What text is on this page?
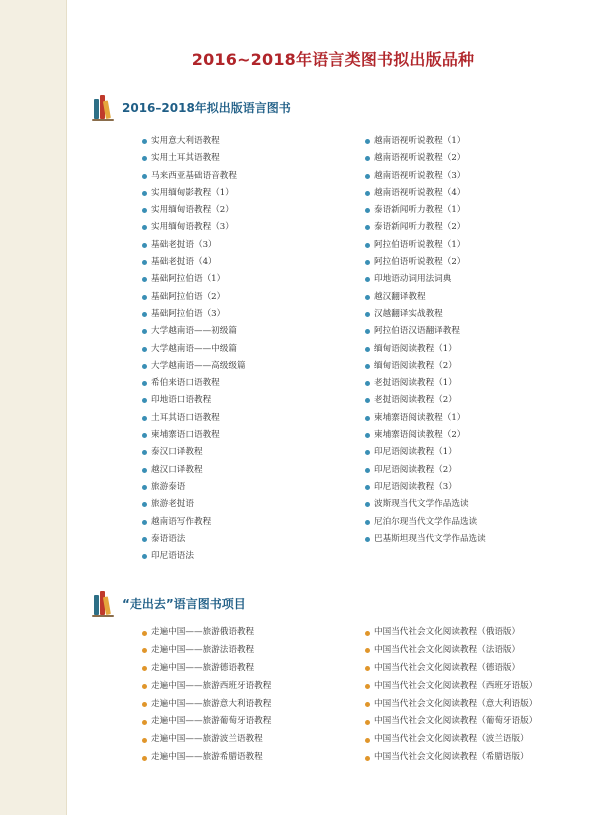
2016~2018年语言类图书拟出版品种
2016–2018年拟出版语言图书
实用意大利语教程
实用土耳其语教程
马来西亚基础语音教程
实用缅甸影教程（1）
实用缅甸语教程（2）
实用缅甸语教程（3）
基础老挝语（3）
基础老挝语（4）
基础阿拉伯语（1）
基础阿拉伯语（2）
基础阿拉伯语（3）
大学越南语——初级篇
大学越南语——中级篇
大学越南语——高级级篇
希伯来语口语教程
印地语口语教程
土耳其语口语教程
柬埔寨语口语教程
泰汉口译教程
越汉口译教程
旅游泰语
旅游老挝语
越南语写作教程
泰语语法
印尼语语法
越南语视听说教程（1）
越南语视听说教程（2）
越南语视听说教程（3）
越南语视听说教程（4）
泰语新闻听力教程（1）
泰语新闻听力教程（2）
阿拉伯语听说教程（1）
阿拉伯语听说教程（2）
印地语动词用法词典
越汉翻译教程
汉越翻译实战教程
阿拉伯语汉语翻译教程
缅甸语阅读教程（1）
缅甸语阅读教程（2）
老挝语阅读教程（1）
老挝语阅读教程（2）
柬埔寨语阅读教程（1）
柬埔寨语阅读教程（2）
印尼语阅读教程（1）
印尼语阅读教程（2）
印尼语阅读教程（3）
波斯现当代文学作品选读
尼泊尔现当代文学作品选读
巴基斯坦现当代文学作品选读
“走出去”语言图书项目
走遍中国——旅游俄语教程
走遍中国——旅游法语教程
走遍中国——旅游德语教程
走遍中国——旅游西班牙语教程
走遍中国——旅游意大利语教程
走遍中国——旅游葡萄牙语教程
走遍中国——旅游波兰语教程
走遍中国——旅游希腊语教程
中国当代社会文化阅读教程（俄语版）
中国当代社会文化阅读教程（法语版）
中国当代社会文化阅读教程（德语版）
中国当代社会文化阅读教程（西班牙语版）
中国当代社会文化阅读教程（意大利语版）
中国当代社会文化阅读教程（葡萄牙语版）
中国当代社会文化阅读教程（波兰语版）
中国当代社会文化阅读教程（希腊语版）
